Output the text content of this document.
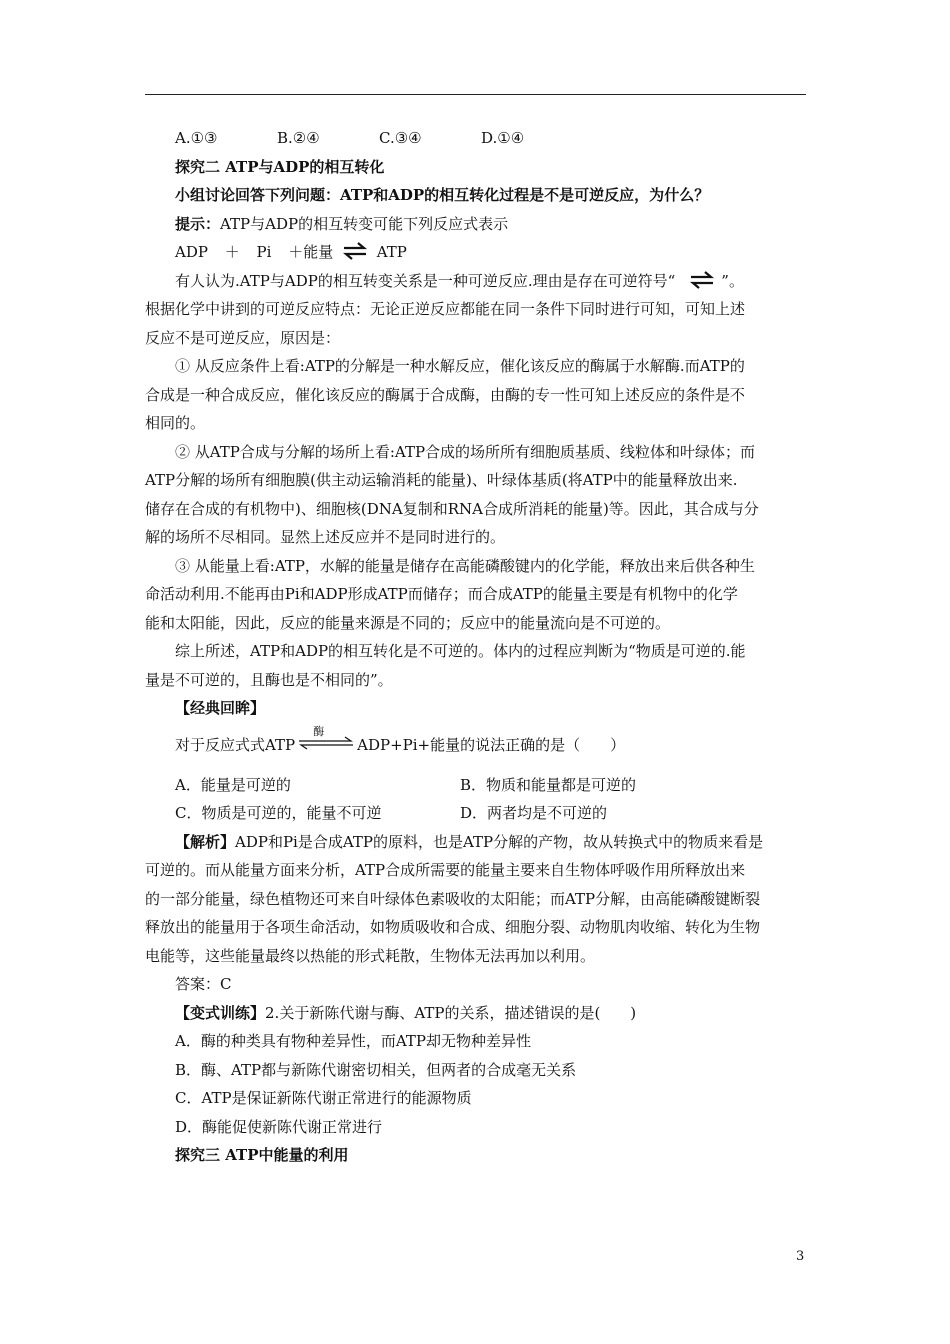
A.①③	B.②④	C.③④	D.①④
探究二 ATP与ADP的相互转化
小组讨论回答下列问题：ATP和ADP的相互转化过程是不是可逆反应，为什么？
提示：ATP与ADP的相互转变可能下列反应式表示
ADP ＋ Pi ＋能量 ⇌ ATP
有人认为.ATP与ADP的相互转变关系是一种可逆反应.理由是存在可逆符号“ ⇌ ”。
根据化学中讲到的可逆反应特点：无论正逆反应都能在同一条件下同时进行可知，可知上述
反应不是可逆反应，原因是：
① 从反应条件上看:ATP的分解是一种水解反应，催化该反应的酶属于水解酶.而ATP的
合成是一种合成反应，催化该反应的酶属于合成酶，由酶的专一性可知上述反应的条件是不
相同的。
② 从ATP合成与分解的场所上看:ATP合成的场所所有细胞质基质、线粒体和叶绿体；而
ATP分解的场所有细胞膜(供主动运输消耗的能量)、叶绿体基质(将ATP中的能量释放出来.
储存在合成的有机物中)、细胞核(DNA复制和RNA合成所消耗的能量)等。因此，其合成与分
解的场所不尽相同。显然上述反应并不是同时进行的。
③ 从能量上看:ATP，水解的能量是储存在高能磷酸键内的化学能，释放出来后供各种生
命活动利用.不能再由Pi和ADP形成ATP而储存；而合成ATP的能量主要是有机物中的化学
能和太阳能，因此，反应的能量来源是不同的；反应中的能量流向是不可逆的。
综上所述，ATP和ADP的相互转化是不可逆的。体内的过程应判断为“物质是可逆的.能
量是不可逆的，且酶也是不相同的”。
【经典回眸】
对于反应式式ATP
酶
ADP+Pi+能量的说法正确的是（　　）
A．能量是可逆的	B．物质和能量都是可逆的
C．物质是可逆的，能量不可逆	D．两者均是不可逆的
【解析】ADP和Pi是合成ATP的原料，也是ATP分解的产物，故从转换式中的物质来看是
可逆的。而从能量方面来分析，ATP合成所需要的能量主要来自生物体呼吸作用所释放出来
的一部分能量，绿色植物还可来自叶绿体色素吸收的太阳能；而ATP分解，由高能磷酸键断裂
释放出的能量用于各项生命活动，如物质吸收和合成、细胞分裂、动物肌肉收缩、转化为生物
电能等，这些能量最终以热能的形式耗散，生物体无法再加以利用。
答案：C
【变式训练】2.关于新陈代谢与酶、ATP的关系，描述错误的是(　　)
A．酶的种类具有物种差异性，而ATP却无物种差异性
B．酶、ATP都与新陈代谢密切相关，但两者的合成毫无关系
C．ATP是保证新陈代谢正常进行的能源物质
D．酶能促使新陈代谢正常进行
探究三 ATP中能量的利用
3
